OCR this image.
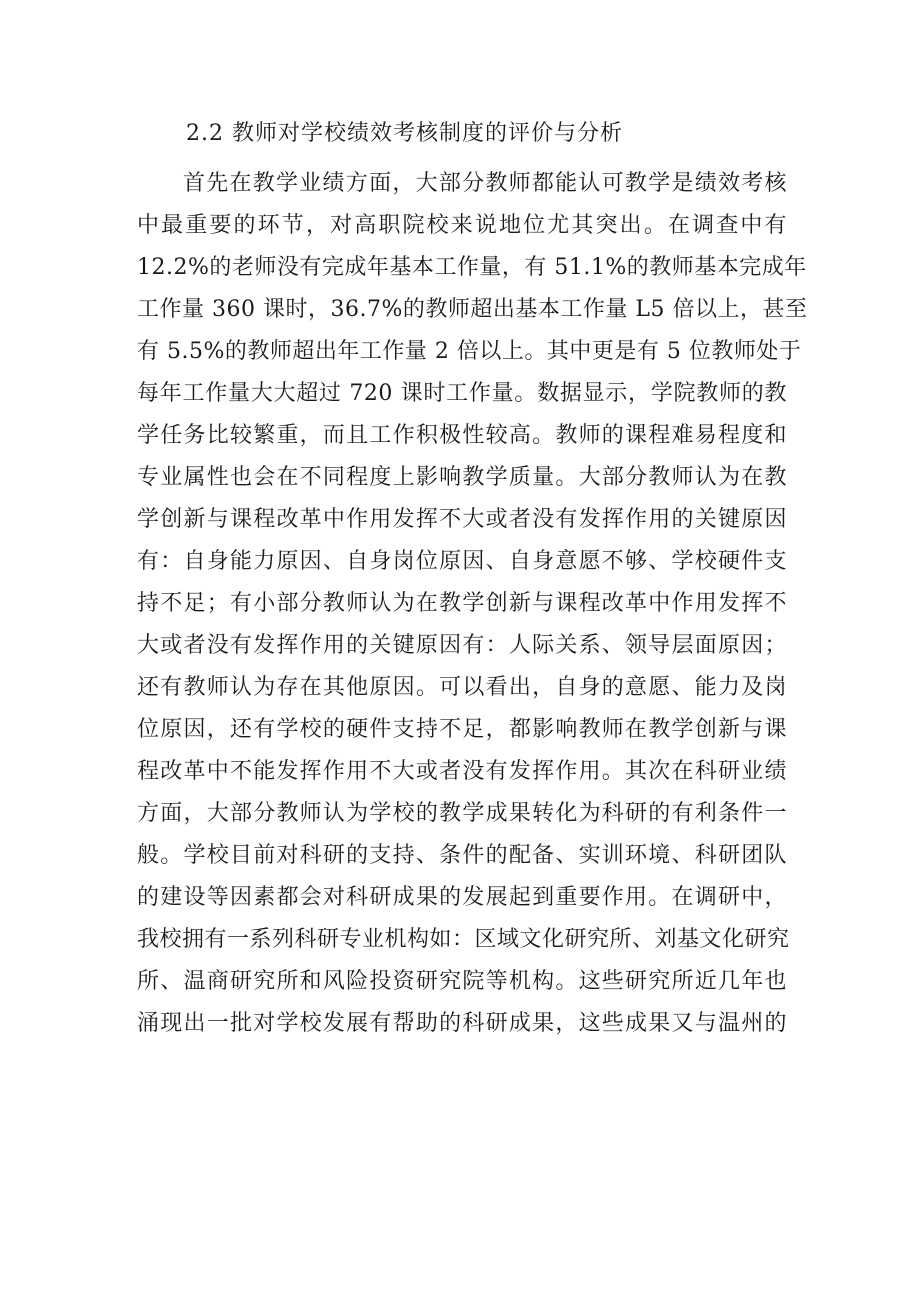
2.2 教师对学校绩效考核制度的评价与分析
首先在教学业绩方面，大部分教师都能认可教学是绩效考核
中最重要的环节，对高职院校来说地位尤其突出。在调查中有
12.2%的老师没有完成年基本工作量，有 51.1%的教师基本完成年
工作量 360 课时，36.7%的教师超出基本工作量 L5 倍以上，甚至
有 5.5%的教师超出年工作量 2 倍以上。其中更是有 5 位教师处于
每年工作量大大超过 720 课时工作量。数据显示，学院教师的教
学任务比较繁重，而且工作积极性较高。教师的课程难易程度和
专业属性也会在不同程度上影响教学质量。大部分教师认为在教
学创新与课程改革中作用发挥不大或者没有发挥作用的关键原因
有：自身能力原因、自身岗位原因、自身意愿不够、学校硬件支
持不足；有小部分教师认为在教学创新与课程改革中作用发挥不
大或者没有发挥作用的关键原因有：人际关系、领导层面原因；
还有教师认为存在其他原因。可以看出，自身的意愿、能力及岗
位原因，还有学校的硬件支持不足，都影响教师在教学创新与课
程改革中不能发挥作用不大或者没有发挥作用。其次在科研业绩
方面，大部分教师认为学校的教学成果转化为科研的有利条件一
般。学校目前对科研的支持、条件的配备、实训环境、科研团队
的建设等因素都会对科研成果的发展起到重要作用。在调研中，
我校拥有一系列科研专业机构如：区域文化研究所、刘基文化研究
所、温商研究所和风险投资研究院等机构。这些研究所近几年也
涌现出一批对学校发展有帮助的科研成果，这些成果又与温州的
